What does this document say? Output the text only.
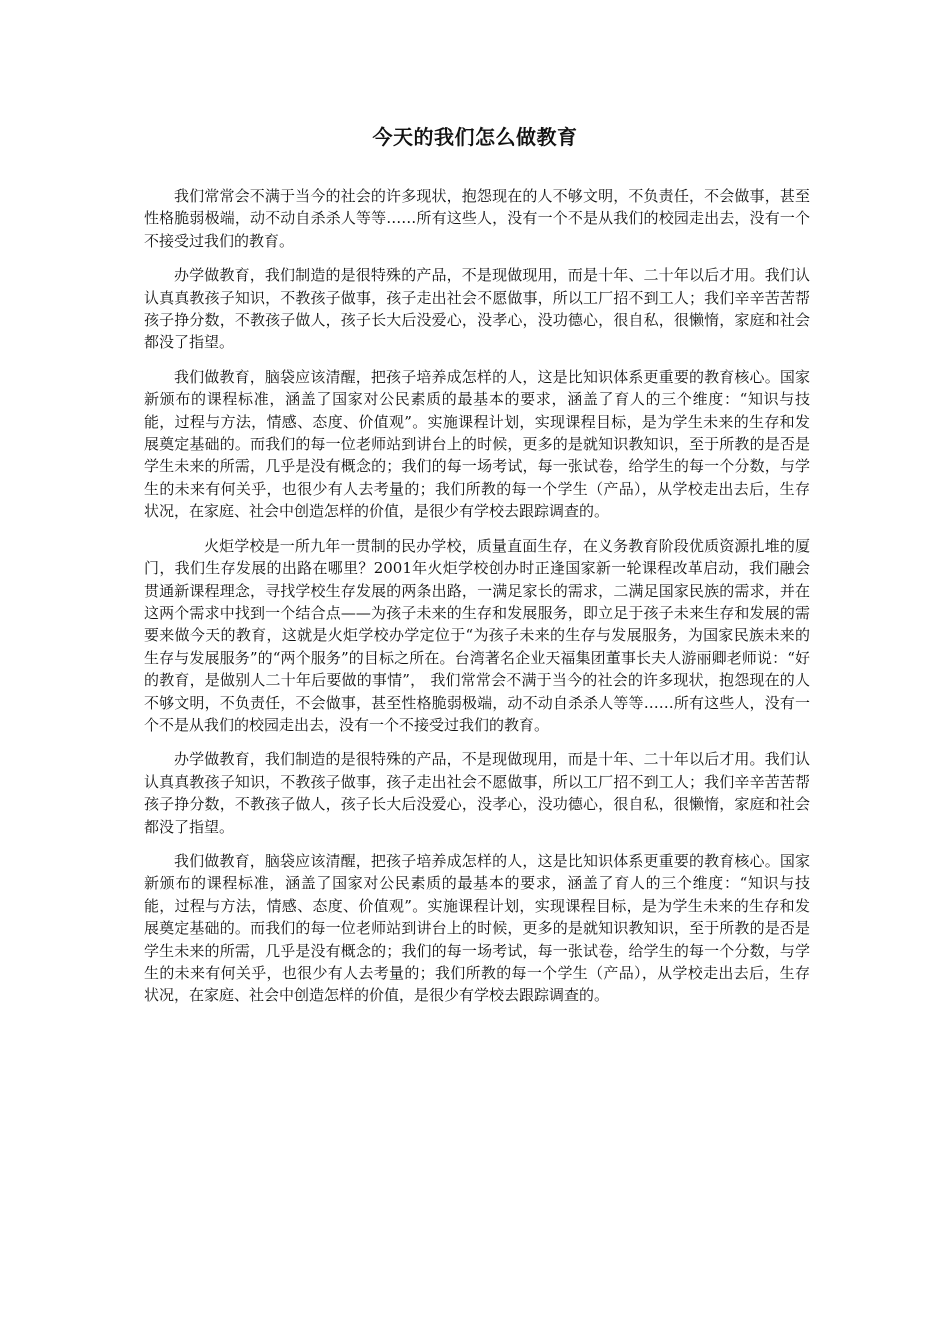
今天的我们怎么做教育

我们常常会不满于当今的社会的许多现状，抱怨现在的人不够文明，不负责任，不会做事，甚至性格脆弱极端，动不动自杀杀人等等……所有这些人，没有一个不是从我们的校园走出去，没有一个不接受过我们的教育。

办学做教育，我们制造的是很特殊的产品，不是现做现用，而是十年、二十年以后才用。我们认认真真教孩子知识，不教孩子做事，孩子走出社会不愿做事，所以工厂招不到工人；我们辛辛苦苦帮孩子挣分数，不教孩子做人，孩子长大后没爱心，没孝心，没功德心，很自私，很懒惰，家庭和社会都没了指望。

我们做教育，脑袋应该清醒，把孩子培养成怎样的人，这是比知识体系更重要的教育核心。国家新颁布的课程标准，涵盖了国家对公民素质的最基本的要求，涵盖了育人的三个维度：“知识与技能，过程与方法，情感、态度、价值观”。实施课程计划，实现课程目标，是为学生未来的生存和发展奠定基础的。而我们的每一位老师站到讲台上的时候，更多的是就知识教知识，至于所教的是否是学生未来的所需，几乎是没有概念的；我们的每一场考试，每一张试卷，给学生的每一个分数，与学生的未来有何关乎，也很少有人去考量的；我们所教的每一个学生（产品），从学校走出去后，生存状况，在家庭、社会中创造怎样的价值，是很少有学校去跟踪调查的。

火炬学校是一所九年一贯制的民办学校，质量直面生存，在义务教育阶段优质资源扎堆的厦门，我们生存发展的出路在哪里？2001年火炬学校创办时正逢国家新一轮课程改革启动，我们融会贯通新课程理念，寻找学校生存发展的两条出路，一满足家长的需求，二满足国家民族的需求，并在这两个需求中找到一个结合点——为孩子未来的生存和发展服务，即立足于孩子未来生存和发展的需要来做今天的教育，这就是火炬学校办学定位于“为孩子未来的生存与发展服务，为国家民族未来的生存与发展服务”的“两个服务”的目标之所在。台湾著名企业天福集团董事长夫人游丽卿老师说：“好的教育，是做别人二十年后要做的事情”， 我们常常会不满于当今的社会的许多现状，抱怨现在的人不够文明，不负责任，不会做事，甚至性格脆弱极端，动不动自杀杀人等等……所有这些人，没有一个不是从我们的校园走出去，没有一个不接受过我们的教育。

办学做教育，我们制造的是很特殊的产品，不是现做现用，而是十年、二十年以后才用。我们认认真真教孩子知识，不教孩子做事，孩子走出社会不愿做事，所以工厂招不到工人；我们辛辛苦苦帮孩子挣分数，不教孩子做人，孩子长大后没爱心，没孝心，没功德心，很自私，很懒惰，家庭和社会都没了指望。

我们做教育，脑袋应该清醒，把孩子培养成怎样的人，这是比知识体系更重要的教育核心。国家新颁布的课程标准，涵盖了国家对公民素质的最基本的要求，涵盖了育人的三个维度：“知识与技能，过程与方法，情感、态度、价值观”。实施课程计划，实现课程目标，是为学生未来的生存和发展奠定基础的。而我们的每一位老师站到讲台上的时候，更多的是就知识教知识，至于所教的是否是学生未来的所需，几乎是没有概念的；我们的每一场考试，每一张试卷，给学生的每一个分数，与学生的未来有何关乎，也很少有人去考量的；我们所教的每一个学生（产品），从学校走出去后，生存状况，在家庭、社会中创造怎样的价值，是很少有学校去跟踪调查的。
